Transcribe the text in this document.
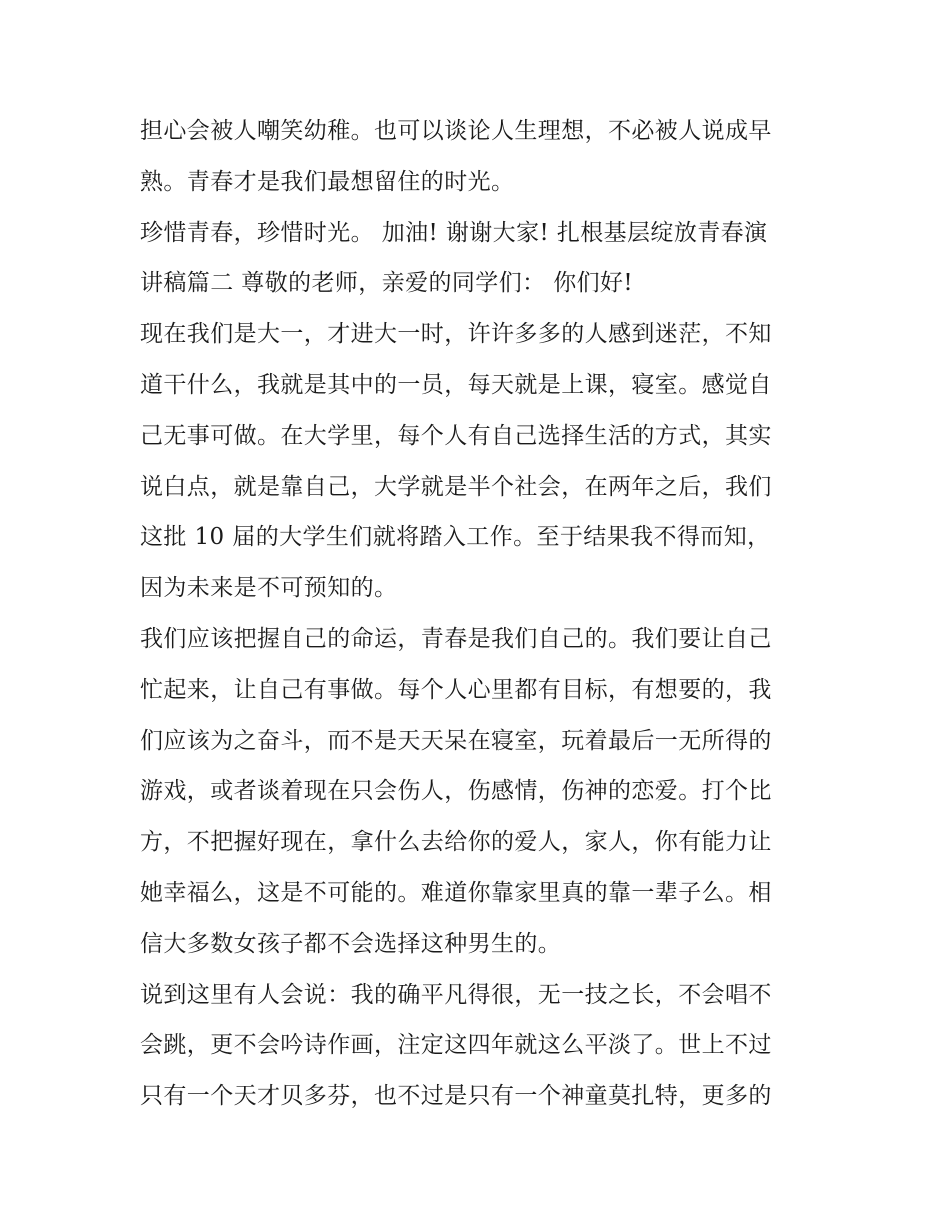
担心会被人嘲笑幼稚。也可以谈论人生理想，不必被人说成早
熟。青春才是我们最想留住的时光。
珍惜青春，珍惜时光。 加油! 谢谢大家! 扎根基层绽放青春演
讲稿篇二 尊敬的老师，亲爱的同学们： 你们好!
现在我们是大一，才进大一时，许许多多的人感到迷茫，不知
道干什么，我就是其中的一员，每天就是上课，寝室。感觉自
己无事可做。在大学里，每个人有自己选择生活的方式，其实
说白点，就是靠自己，大学就是半个社会，在两年之后，我们
这批 10 届的大学生们就将踏入工作。至于结果我不得而知，
因为未来是不可预知的。
我们应该把握自己的命运，青春是我们自己的。我们要让自己
忙起来，让自己有事做。每个人心里都有目标，有想要的，我
们应该为之奋斗，而不是天天呆在寝室，玩着最后一无所得的
游戏，或者谈着现在只会伤人，伤感情，伤神的恋爱。打个比
方，不把握好现在，拿什么去给你的爱人，家人，你有能力让
她幸福么，这是不可能的。难道你靠家里真的靠一辈子么。相
信大多数女孩子都不会选择这种男生的。
说到这里有人会说：我的确平凡得很，无一技之长，不会唱不
会跳，更不会吟诗作画，注定这四年就这么平淡了。世上不过
只有一个天才贝多芬，也不过是只有一个神童莫扎特，更多的
